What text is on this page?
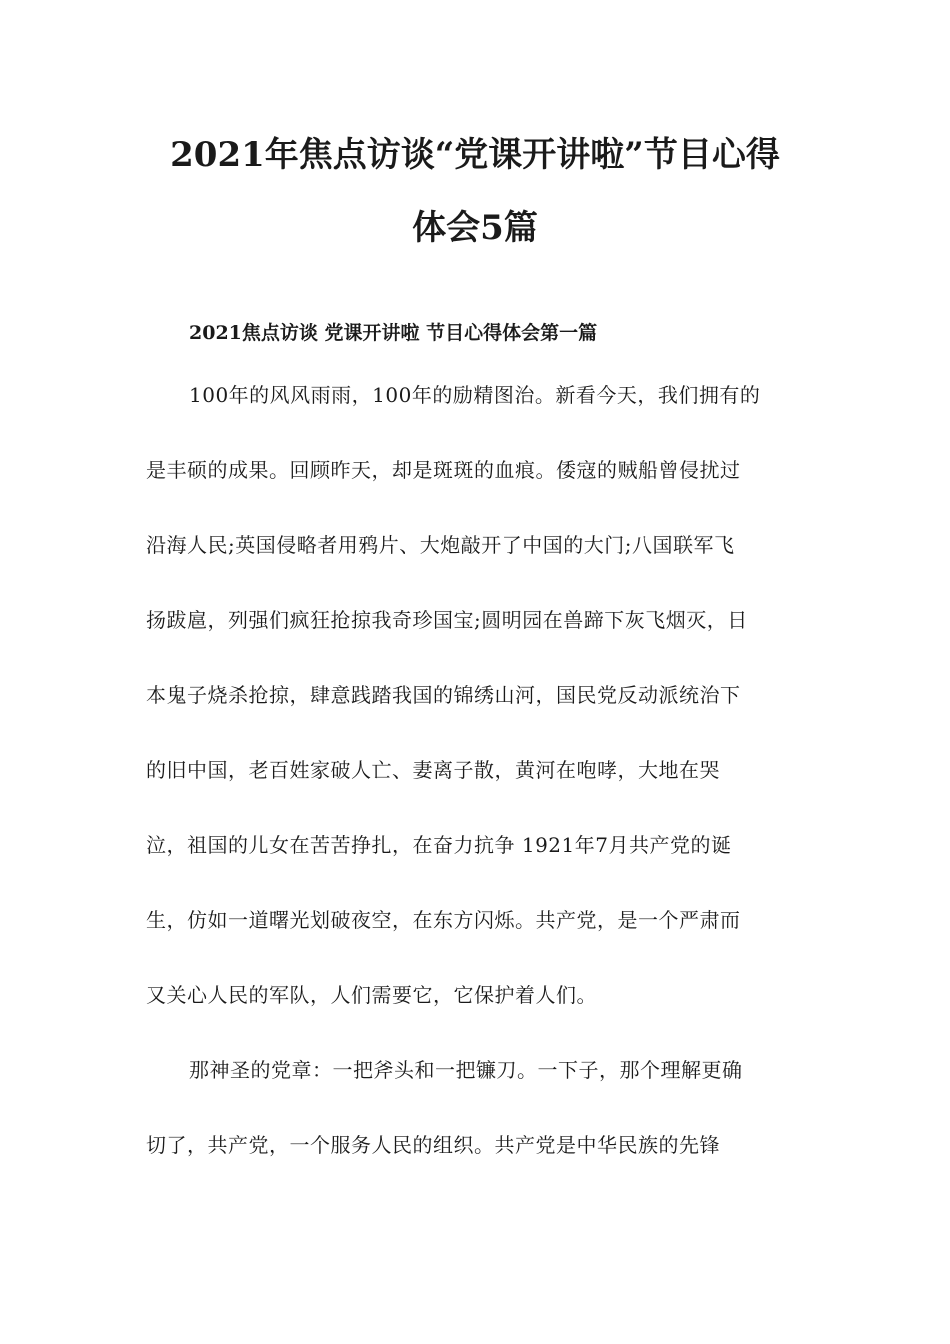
2021年焦点访谈“党课开讲啦”节目心得
体会5篇
2021焦点访谈 党课开讲啦 节目心得体会第一篇

100年的风风雨雨，100年的励精图治。新看今天，我们拥有的

是丰硕的成果。回顾昨天，却是斑斑的血痕。倭寇的贼船曾侵扰过

沿海人民;英国侵略者用鸦片、大炮敲开了中国的大门;八国联军飞

扬跋扈，列强们疯狂抢掠我奇珍国宝;圆明园在兽蹄下灰飞烟灭，日

本鬼子烧杀抢掠，肆意践踏我国的锦绣山河，国民党反动派统治下

的旧中国，老百姓家破人亡、妻离子散，黄河在咆哮，大地在哭

泣，祖国的儿女在苦苦挣扎，在奋力抗争 1921年7月共产党的诞

生，仿如一道曙光划破夜空，在东方闪烁。共产党，是一个严肃而

又关心人民的军队，人们需要它，它保护着人们。

那神圣的党章：一把斧头和一把镰刀。一下子，那个理解更确

切了，共产党，一个服务人民的组织。共产党是中华民族的先锋
